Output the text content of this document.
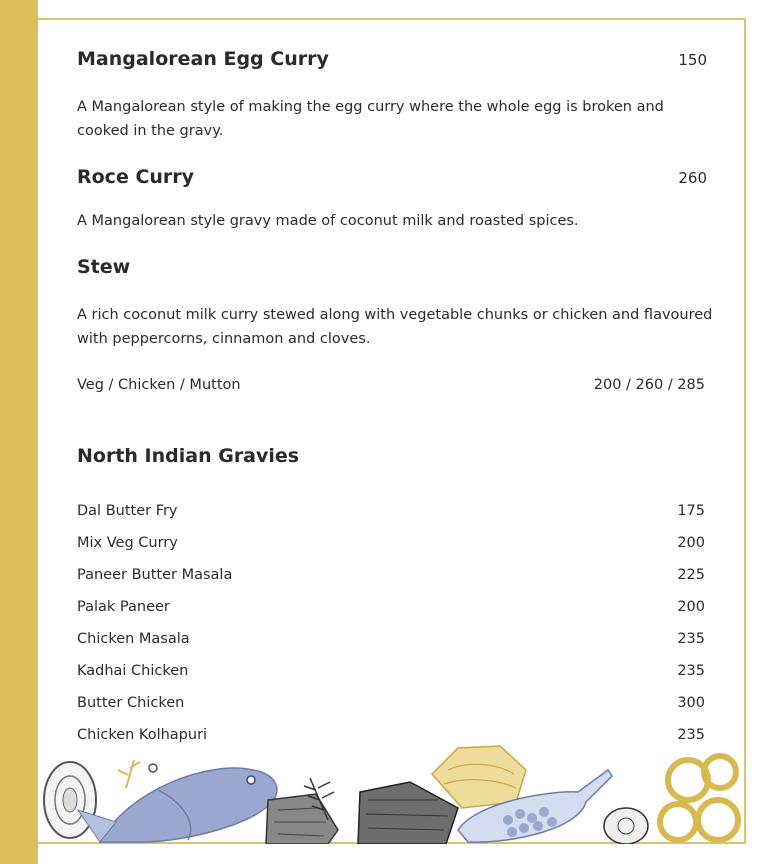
Mangalorean Egg Curry	150
A Mangalorean style of making the egg curry where the whole egg is broken and cooked in the gravy.
Roce Curry	260
A Mangalorean style gravy made of coconut milk and roasted spices.
Stew
A rich coconut milk curry stewed along with vegetable chunks or chicken and flavoured with peppercorns, cinnamon and cloves.
Veg / Chicken / Mutton	200 / 260 / 285
North Indian Gravies
Dal Butter Fry	175
Mix Veg Curry	200
Paneer Butter Masala	225
Palak Paneer	200
Chicken Masala	235
Kadhai Chicken	235
Butter Chicken	300
Chicken Kolhapuri	235
